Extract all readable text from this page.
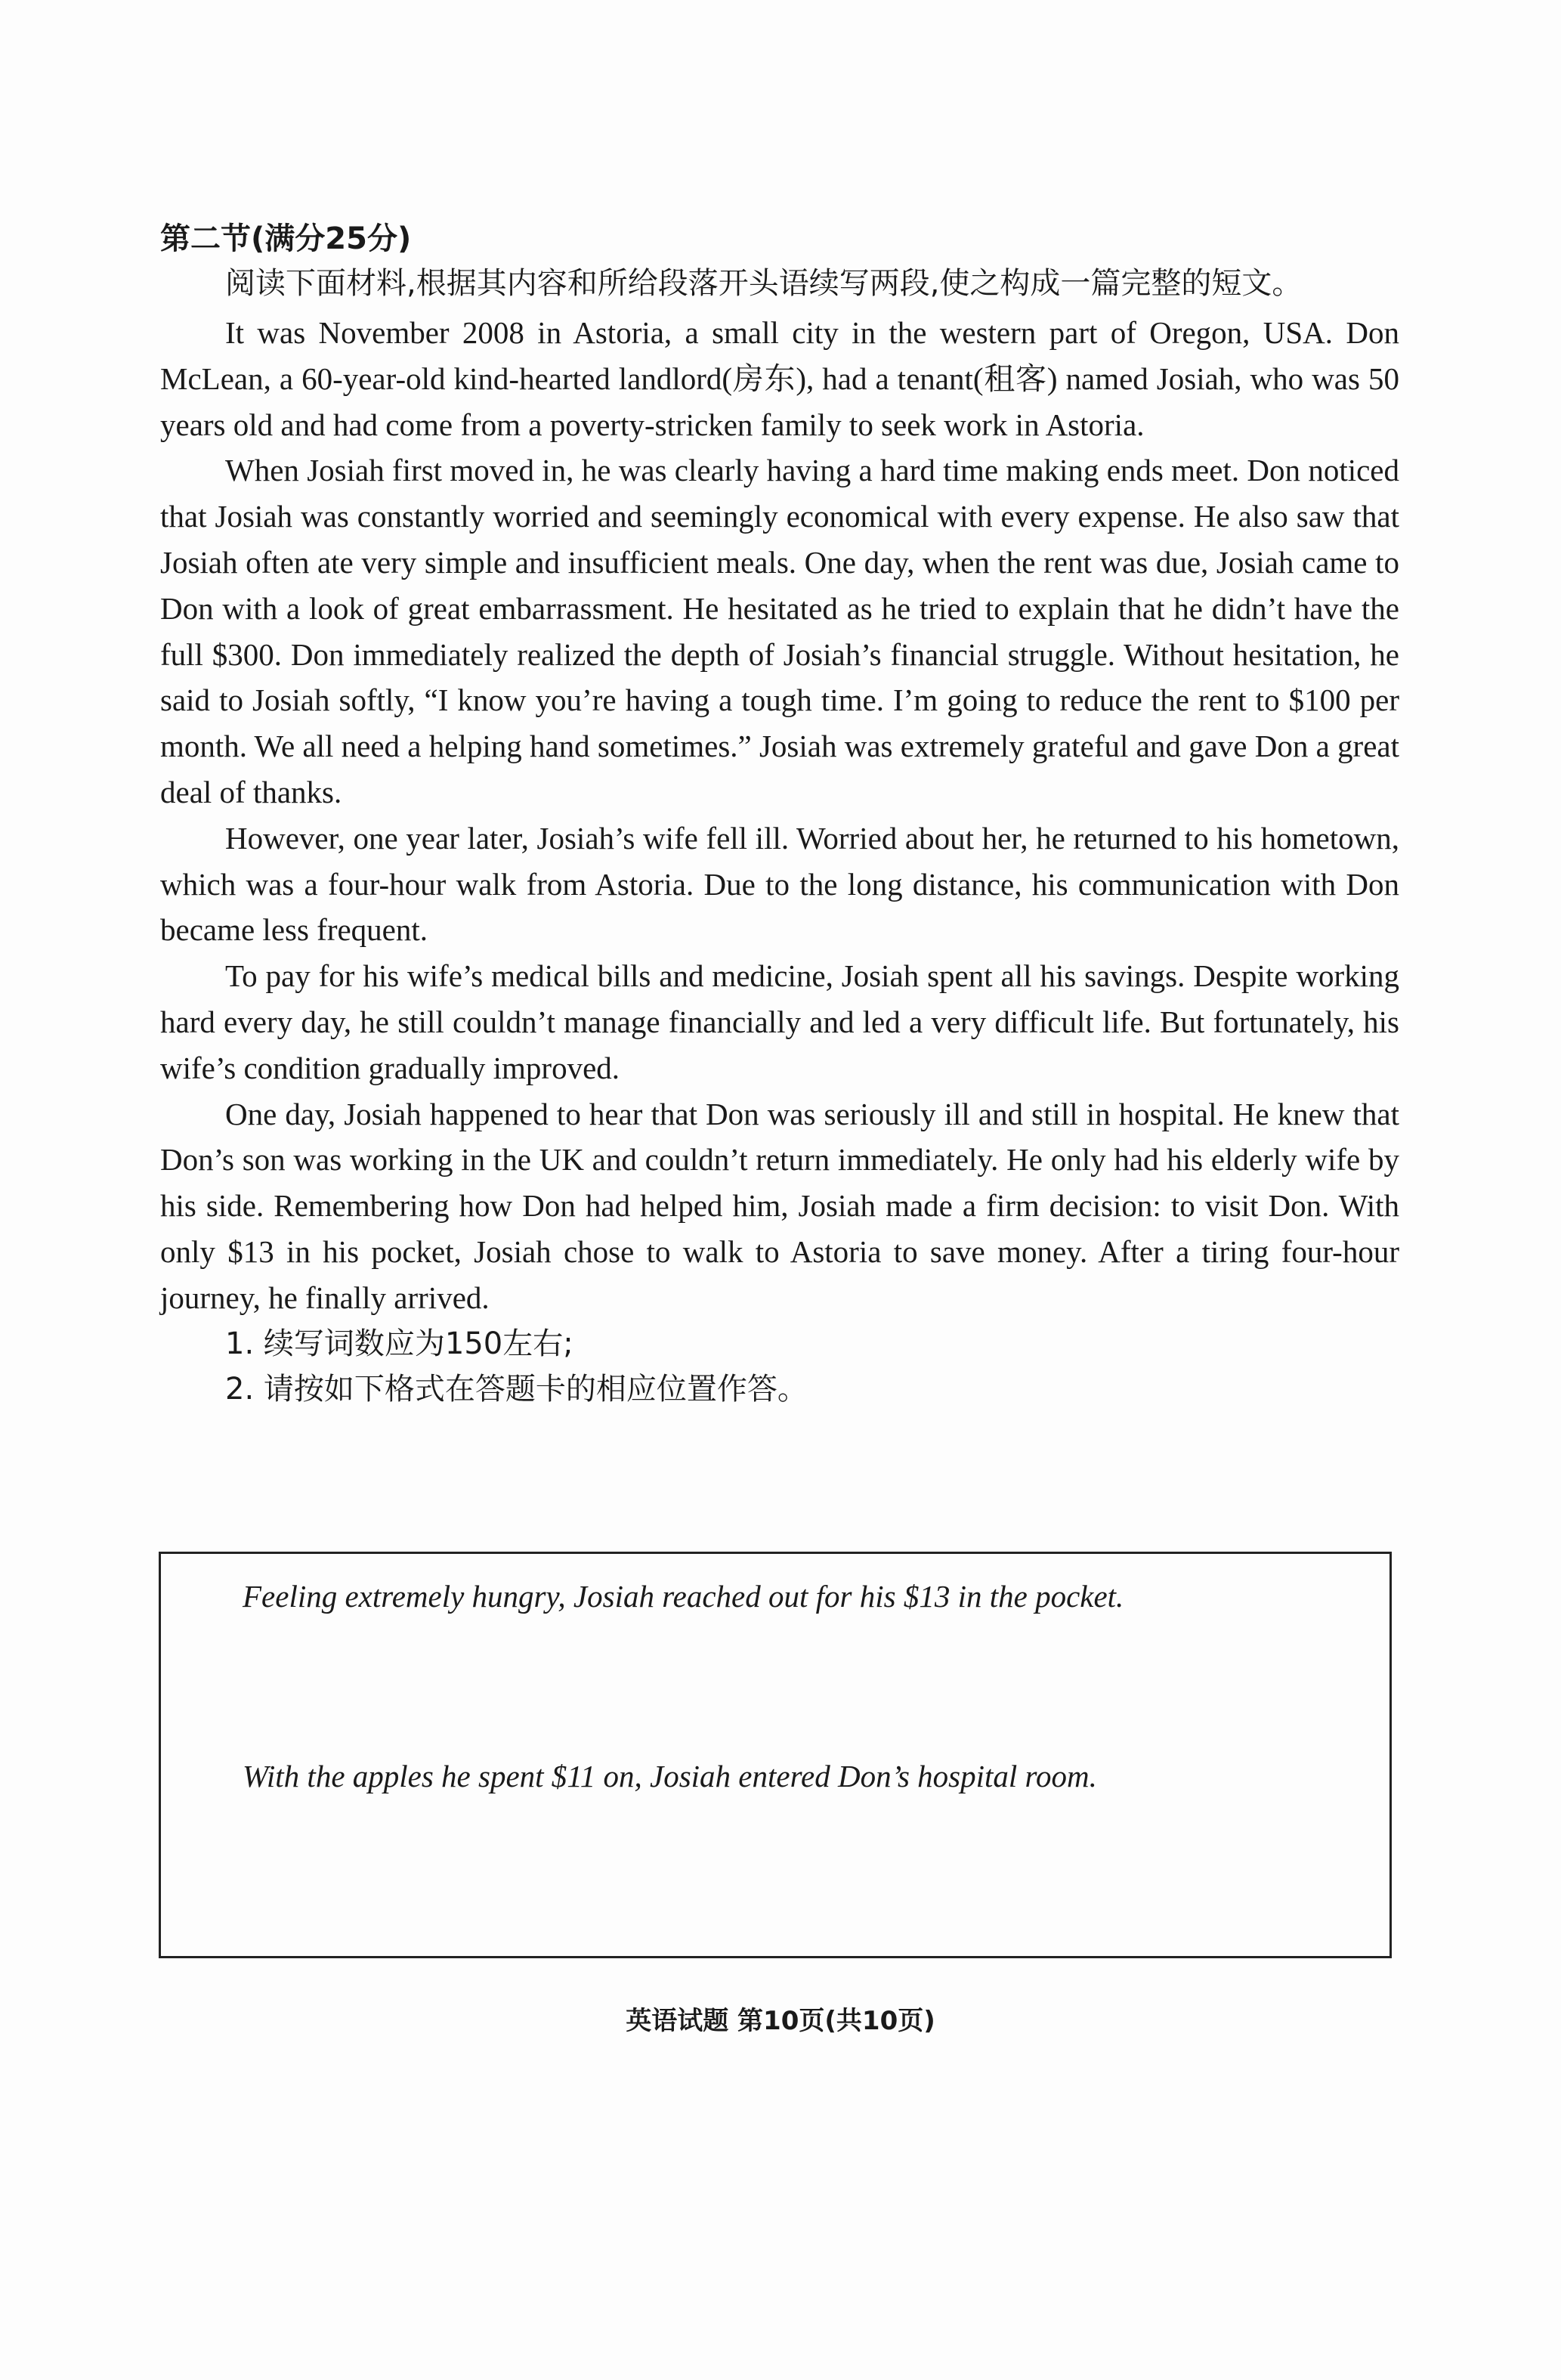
第二节(满分25分)

阅读下面材料,根据其内容和所给段落开头语续写两段,使之构成一篇完整的短文。

It was November 2008 in Astoria, a small city in the western part of Oregon, USA. Don McLean, a 60-year-old kind-hearted landlord(房东), had a tenant(租客) named Josiah, who was 50 years old and had come from a poverty-stricken family to seek work in Astoria.

When Josiah first moved in, he was clearly having a hard time making ends meet. Don noticed that Josiah was constantly worried and seemingly economical with every expense. He also saw that Josiah often ate very simple and insufficient meals. One day, when the rent was due, Josiah came to Don with a look of great embarrassment. He hesitated as he tried to explain that he didn’t have the full $300. Don immediately realized the depth of Josiah’s financial struggle. Without hesitation, he said to Josiah softly, “I know you’re having a tough time. I’m going to reduce the rent to $100 per month. We all need a helping hand sometimes.” Josiah was extremely grateful and gave Don a great deal of thanks.

However, one year later, Josiah’s wife fell ill. Worried about her, he returned to his hometown, which was a four-hour walk from Astoria. Due to the long distance, his communication with Don became less frequent.

To pay for his wife’s medical bills and medicine, Josiah spent all his savings. Despite working hard every day, he still couldn’t manage financially and led a very difficult life. But fortunately, his wife’s condition gradually improved.

One day, Josiah happened to hear that Don was seriously ill and still in hospital. He knew that Don’s son was working in the UK and couldn’t return immediately. He only had his elderly wife by his side. Remembering how Don had helped him, Josiah made a firm decision: to visit Don. With only $13 in his pocket, Josiah chose to walk to Astoria to save money. After a tiring four-hour journey, he finally arrived.

1. 续写词数应为150左右;

2. 请按如下格式在答题卡的相应位置作答。

Feeling extremely hungry, Josiah reached out for his $13 in the pocket.
With the apples he spent $11 on, Josiah entered Don’s hospital room.
英语试题 第10页(共10页)
